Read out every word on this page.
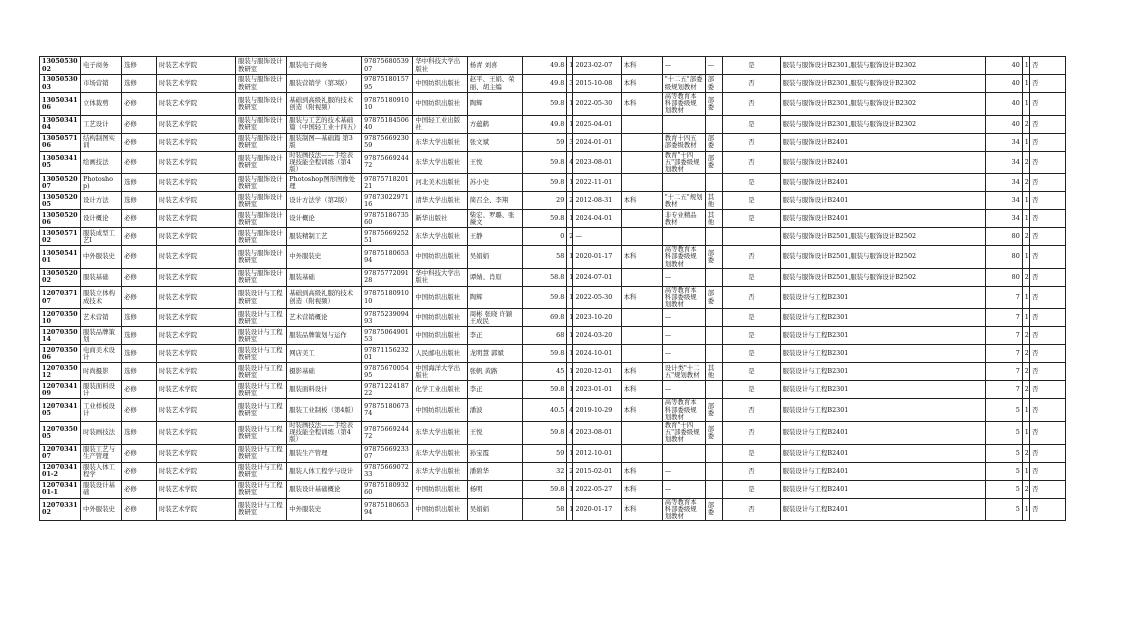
1305053002	电子商务	选修	时装艺术学院	服装与服饰设计教研室	服装电子商务	9787568053907	华中科技大学出版社	杨青 刘喜	49.8	1	2023-02-07	本科	—	—	是	服装与服饰设计B2301,服装与服饰设计B2302	40	1	否
1305053003	市场营销	选修	时装艺术学院	服装与服饰设计教研室	服装营销学（第3版）	9787518015795	中国纺织出版社	赵平、王娟、荣丽、胡主编	49.8	3	2015-10-08	本科	"十二五"部委级规划教材	部委	否	服装与服饰设计B2301,服装与服饰设计B2302	40	1	否
1305034106	立体裁剪	必修	时装艺术学院	服装与服饰设计教研室	基础到高级礼服的技术创造（附视频）	9787518091010	中国纺织出版社	陶辉	59.8	1	2022-05-30	本科	高等教育本科部委级规划教材	部委	否	服装与服饰设计B2301,服装与服饰设计B2302	40	1	否
1305034104	工艺设计	必修	时装艺术学院	服装与服饰设计教研室	服装与工艺的技术基础篇（中国轻工业十四五）	9787518450640	中国轻工业出版社	方蕴鹤	49.8	1	2025-04-01				是	服装与服饰设计B2301,服装与服饰设计B2302	40	2	否
1305057106	结构制图实训	必修	时装艺术学院	服装与服饰设计教研室	服装制图—基础篇 第3版	9787566923059	东华大学出版社	张文斌	59	3	2024-01-01		教育十四五部委级教材	部委	否	服装与服饰设计B2401	34	1	否
1305034105	绘画技法	必修	时装艺术学院	服装与服饰设计教研室	时装画技法——手绘表现技能全程训练（第4版）	9787566924472	东华大学出版社	王悦	59.8	4	2023-08-01		教育"十四五"部委级规划教材	部委	否	服装与服饰设计B2401	34	2	否
1305052007	Photoshop)	选修	时装艺术学院	服装与服饰设计教研室	Photoshop图形图像处理	9787571820121	河北美术出版社	苏小史	59.8	1	2022-11-01				是	服装与服饰设计B2401	34	2	否
1305052005	设计方法	选修	时装艺术学院	服装与服饰设计教研室	设计方法学（第2版）	9787302297116	清华大学出版社	简召全、李翔	29	2	2012-08-31	本科	"十二五"规划教材	其他	是	服装与服饰设计B2401	34	1	否
1305052006	设计概论	必修	时装艺术学院	服装与服饰设计教研室	设计概论	9787518673560	新华出版社	柴宏、罗璐、张薇文	59.8	1	2024-04-01		非专业精品教材	其他	是	服装与服饰设计B2401	34	1	否
1305057102	服装成型工艺Ⅰ	必修	时装艺术学院	服装与服饰设计教研室	服装精制工艺	9787566925251	东华大学出版社	王静	0	2	—					服装与服饰设计B2501,服装与服饰设计B2502	80	2	否
1305054101	中外服装史	必修	时装艺术学院	服装与服饰设计教研室	中外服装史	9787518065394	中国纺织出版社	吴娟娟	58	1	2020-01-17	本科	高等教育本科部委级规划教材	部委	否	服装与服饰设计B2501,服装与服饰设计B2502	80	1	否
1305052002	服装基础	必修	时装艺术学院	服装与服饰设计教研室	服装基础	9787577209128	华中科技大学出版社	谭婧、肖原	58.8	1	2024-07-01		—		是	服装与服饰设计B2501,服装与服饰设计B2502	80	2	否
1207037107	服装立体构成技术	必修	时装艺术学院	服装设计与工程教研室	基础到高级礼服的技术创造（附视频）	9787518091010	中国纺织出版社	陶辉	59.8	1	2022-05-30	本科	高等教育本科部委级规划教材	部委	否	服装设计与工程B2301	7	1	否
1207035010	艺术营销	选修	时装艺术学院	服装设计与工程教研室	艺术营销概论	9787523909493	中国纺织出版社	周彬 张晓 许颖 王成民	69.8	1	2023-10-20		—		是	服装设计与工程B2301	7	1	否
1207035014	服装品牌策划	选修	时装艺术学院	服装设计与工程教研室	服装品牌策划与运作	9787506490153	中国纺织出版社	李正	68	1	2024-03-20		—		是	服装设计与工程B2301	7	2	否
1207035006	电商美术设计	选修	时装艺术学院	服装设计与工程教研室	网店美工	9787115623201	人民邮电出版社	龙明慧 郭斌	59.8	1	2024-10-01		—		是	服装设计与工程B2301	7	2	否
1207035012	时尚摄影	选修	时装艺术学院	服装设计与工程教研室	摄影基础	9787567005495	中国海洋大学出版社	张帆 黄路	45	1	2020-12-01	本科	设计类"十二五"规划教材	其他	是	服装设计与工程B2301	7	2	否
1207034109	服装面料设计	必修	时装艺术学院	服装设计与工程教研室	服装面料设计	9787122418722	化学工业出版社	李正	59.8	1	2023-01-01	本科	—		是	服装设计与工程B2301	7	2	否
1207034105	工业样板设计	必修	时装艺术学院	服装设计与工程教研室	服装工业制板（第4版）	9787518067374	中国纺织出版社	潘波	40.5	4	2019-10-29	本科	高等教育本科部委级规划教材	部委	否	服装设计与工程B2301	5	1	否
1207035005	时装画技法	选修	时装艺术学院	服装设计与工程教研室	时装画技法——手绘表现技能全程训练（第4版）	9787566924472	东华大学出版社	王悦	59.8	4	2023-08-01		教育"十四五"部委级规划教材	部委	否	服装设计与工程B2401	5	1	否
1207034107	服装工艺与生产管理	必修	时装艺术学院	服装设计与工程教研室	服装生产管理	9787566923307	东华大学出版社	孙宝霞	59	1	2012-10-01				是	服装设计与工程B2401	5	2	否
1207034101-2	服装人体工程学	必修	时装艺术学院	服装设计与工程教研室	服装人体工程学与设计	9787566907233	东华大学出版社	潘碧华	32	2	2015-02-01	本科	—		否	服装设计与工程B2401	5	1	否
1207034101-1	服装设计基础	必修	时装艺术学院	服装设计与工程教研室	服装设计基础概论	9787518093260	中国纺织出版社	杨明	59.8	1	2022-05-27	本科	—		是	服装设计与工程B2401	5	2	否
1207033102	中外服装史	必修	时装艺术学院	服装设计与工程教研室	中外服装史	9787518065394	中国纺织出版社	吴娟娟	58	1	2020-01-17	本科	高等教育本科部委级规划教材	部委	否	服装设计与工程B2401	5	1	否
